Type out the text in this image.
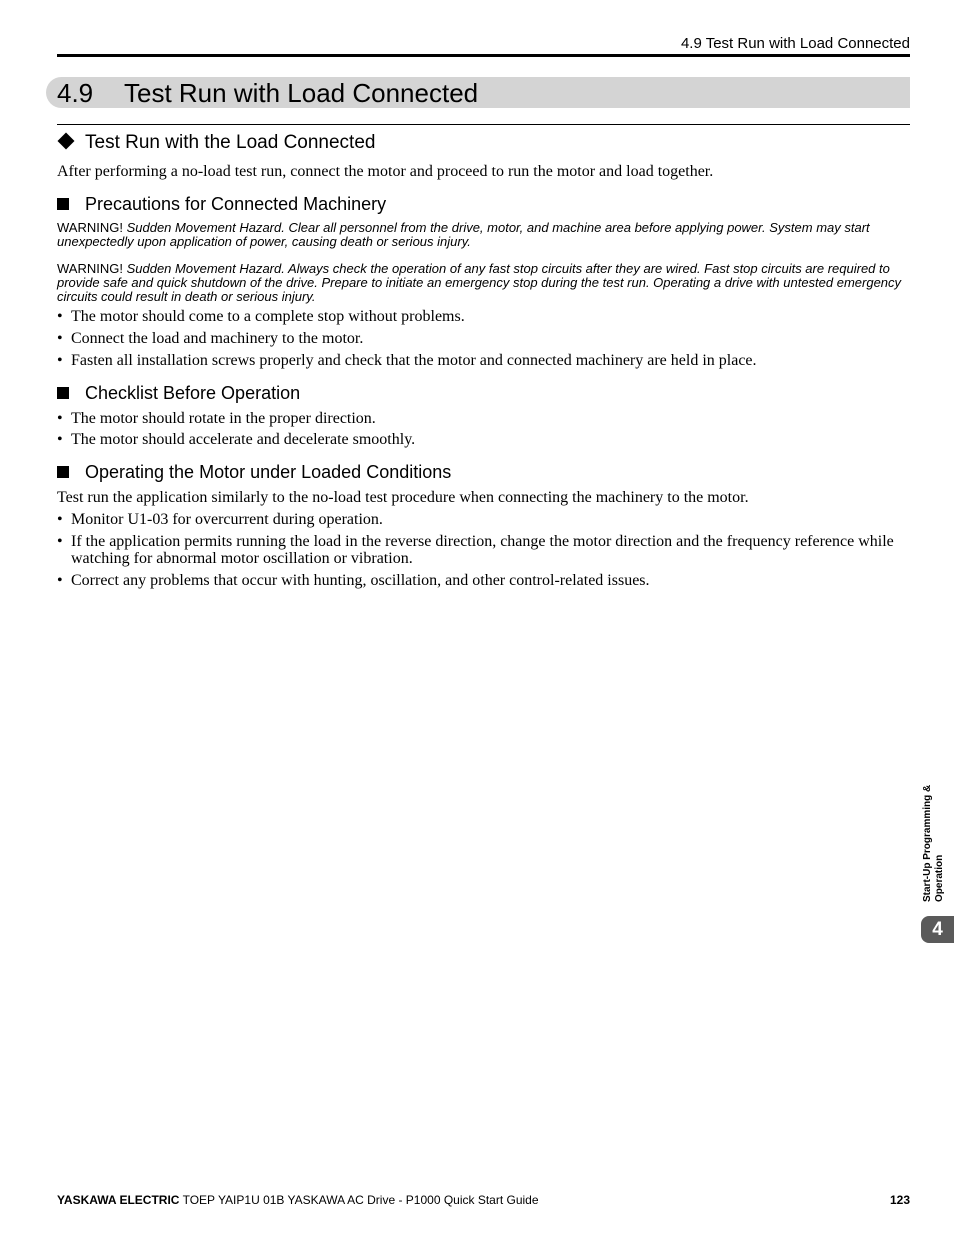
4.9 Test Run with Load Connected
4.9 Test Run with Load Connected
Test Run with the Load Connected
After performing a no-load test run, connect the motor and proceed to run the motor and load together.
Precautions for Connected Machinery
WARNING! Sudden Movement Hazard. Clear all personnel from the drive, motor, and machine area before applying power. System may start unexpectedly upon application of power, causing death or serious injury.
WARNING! Sudden Movement Hazard. Always check the operation of any fast stop circuits after they are wired. Fast stop circuits are required to provide safe and quick shutdown of the drive. Prepare to initiate an emergency stop during the test run. Operating a drive with untested emergency circuits could result in death or serious injury.
• The motor should come to a complete stop without problems.
• Connect the load and machinery to the motor.
• Fasten all installation screws properly and check that the motor and connected machinery are held in place.
Checklist Before Operation
• The motor should rotate in the proper direction.
• The motor should accelerate and decelerate smoothly.
Operating the Motor under Loaded Conditions
Test run the application similarly to the no-load test procedure when connecting the machinery to the motor.
• Monitor U1-03 for overcurrent during operation.
• If the application permits running the load in the reverse direction, change the motor direction and the frequency reference while watching for abnormal motor oscillation or vibration.
• Correct any problems that occur with hunting, oscillation, and other control-related issues.
Start-Up Programming & Operation
4
YASKAWA ELECTRIC TOEP YAIP1U 01B YASKAWA AC Drive - P1000 Quick Start Guide	123
